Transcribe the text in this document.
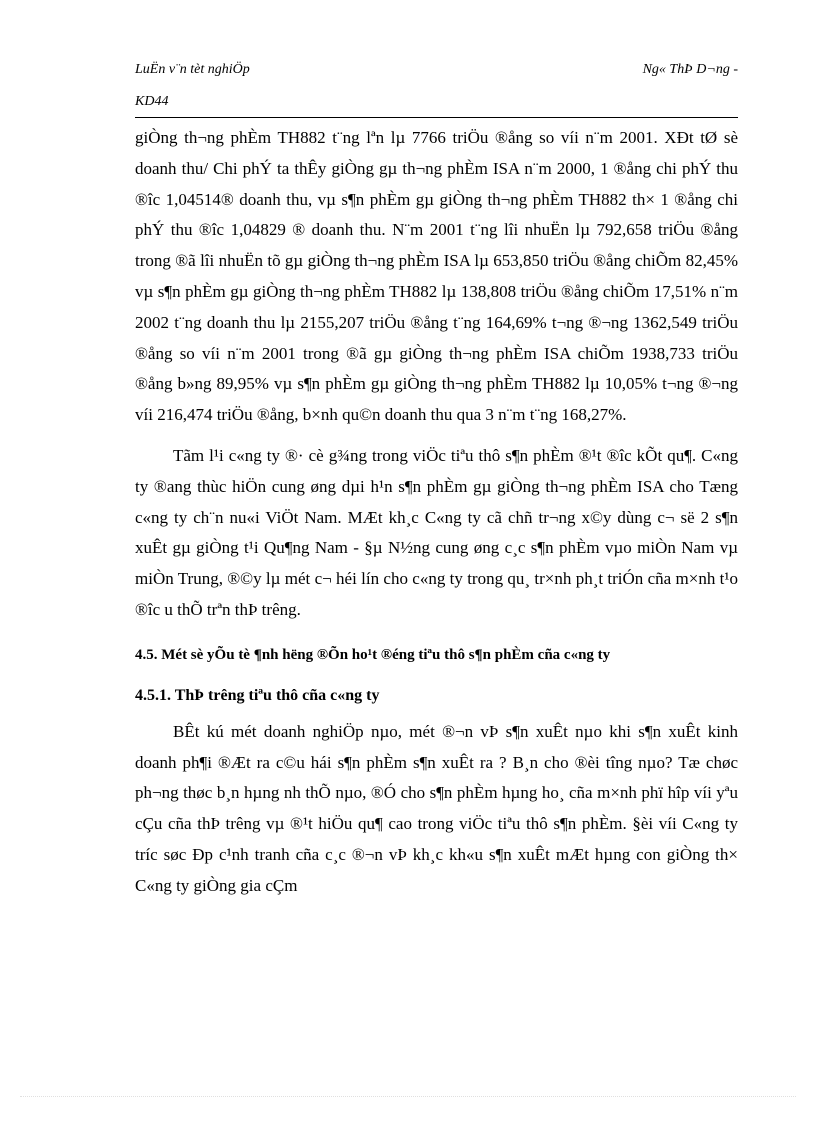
LuËn v¨n tèt nghiÖp	Ng« ThÞ D¬ng -
KD44

giÒng th¬ng phÈm TH882 t¨ng lªn lµ 7766 triÖu ®ång so víi n¨m 2001. XÐt tØ sè doanh thu/ Chi phÝ ta thÊy giÒng gµ th¬ng phÈm ISA n¨m 2000, 1 ®ång chi phÝ thu ®îc 1,04514® doanh thu, vµ s¶n phÈm gµ giÒng th¬ng phÈm TH882 th× 1 ®ång chi phÝ thu ®îc 1,04829 ® doanh thu. N¨m 2001 t¨ng lîi nhuËn lµ 792,658 triÖu ®ång trong ®ã lîi nhuËn tõ gµ giÒng th¬ng phÈm ISA lµ 653,850 triÖu ®ång chiÕm 82,45% vµ s¶n phÈm gµ giÒng th¬ng phÈm TH882 lµ 138,808 triÖu ®ång chiÕm 17,51% n¨m 2002 t¨ng doanh thu lµ 2155,207 triÖu ®ång t¨ng 164,69% t¬ng ®¬ng 1362,549 triÖu ®ång so víi n¨m 2001 trong ®ã gµ giÒng th¬ng phÈm ISA chiÕm 1938,733 triÖu ®ång b»ng 89,95% vµ s¶n phÈm gµ giÒng th¬ng phÈm TH882 lµ 10,05% t¬ng ®¬ng víi 216,474 triÖu ®ång, b×nh qu©n doanh thu qua 3 n¨m t¨ng 168,27%.

Tãm l¹i c«ng ty ®· cè g¾ng trong viÖc tiªu thô s¶n phÈm ®¹t ®îc kÕt qu¶. C«ng ty ®ang thùc hiÖn cung øng dµi h¹n s¶n phÈm gµ giÒng th¬ng phÈm ISA cho Tæng c«ng ty ch¨n nu«i ViÖt Nam. MÆt kh¸c C«ng ty cã chñ tr¬ng x©y dùng c¬ së 2 s¶n xuÊt gµ giÒng t¹i Qu¶ng Nam - §µ N½ng cung øng c¸c s¶n phÈm vµo miÒn Nam vµ miÒn Trung, ®©y lµ mét c¬ héi lín cho c«ng ty trong qu¸ tr×nh ph¸t triÓn cña m×nh t¹o ®îc u thÕ trªn thÞ trêng.

4.5. Mét sè yÕu tè ¶nh hëng ®Õn ho¹t ®éng tiªu thô s¶n phÈm cña c«ng ty

4.5.1. ThÞ trêng tiªu thô cña c«ng ty

BÊt kú mét doanh nghiÖp nµo, mét ®¬n vÞ s¶n xuÊt nµo khi s¶n xuÊt kinh doanh ph¶i ®Æt ra c©u hái s¶n phÈm s¶n xuÊt ra ? B¸n cho ®èi tîng nµo? Tæ chøc ph¬ng thøc b¸n hµng nh thÕ nµo, ®Ó cho s¶n phÈm hµng ho¸ cña m×nh phï hîp víi yªu cÇu cña thÞ trêng vµ ®¹t hiÖu qu¶ cao trong viÖc tiªu thô s¶n phÈm. §èi víi C«ng ty tríc søc Ðp c¹nh tranh cña c¸c ®¬n vÞ kh¸c kh«u s¶n xuÊt mÆt hµng con giÒng th× C«ng ty giÒng gia cÇm
